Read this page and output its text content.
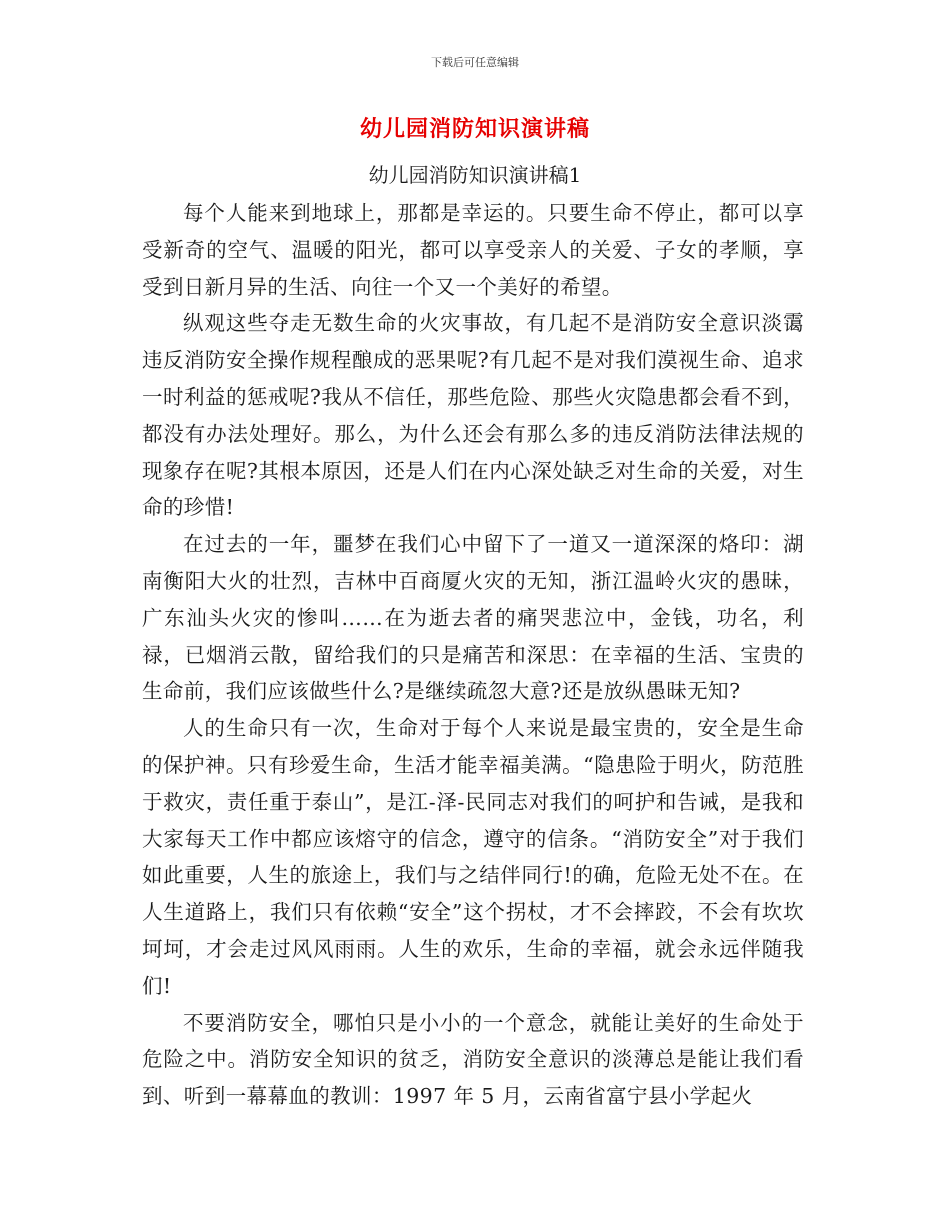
下载后可任意编辑
幼儿园消防知识演讲稿
幼儿园消防知识演讲稿1

每个人能来到地球上，那都是幸运的。只要生命不停止，都可以享受新奇的空气、温暖的阳光，都可以享受亲人的关爱、子女的孝顺，享受到日新月异的生活、向往一个又一个美好的希望。

纵观这些夺走无数生命的火灾事故，有几起不是消防安全意识淡霭违反消防安全操作规程酿成的恶果呢?有几起不是对我们漠视生命、追求一时利益的惩戒呢?我从不信任，那些危险、那些火灾隐患都会看不到，都没有办法处理好。那么，为什么还会有那么多的违反消防法律法规的现象存在呢?其根本原因，还是人们在内心深处缺乏对生命的关爱，对生命的珍惜!

在过去的一年，噩梦在我们心中留下了一道又一道深深的烙印：湖南衡阳大火的壮烈，吉林中百商厦火灾的无知，浙江温岭火灾的愚昧，广东汕头火灾的惨叫……在为逝去者的痛哭悲泣中，金钱，功名，利禄，已烟消云散，留给我们的只是痛苦和深思：在幸福的生活、宝贵的生命前，我们应该做些什么?是继续疏忽大意?还是放纵愚昧无知?

人的生命只有一次，生命对于每个人来说是最宝贵的，安全是生命的保护神。只有珍爱生命，生活才能幸福美满。“隐患险于明火，防范胜于救灾，责任重于泰山”，是江-泽-民同志对我们的呵护和告诫，是我和大家每天工作中都应该熔守的信念，遵守的信条。“消防安全”对于我们如此重要，人生的旅途上，我们与之结伴同行!的确，危险无处不在。在人生道路上，我们只有依赖“安全”这个拐杖，才不会摔跤，不会有坎坎坷坷，才会走过风风雨雨。人生的欢乐，生命的幸福，就会永远伴随我们!

不要消防安全，哪怕只是小小的一个意念，就能让美好的生命处于危险之中。消防安全知识的贫乏，消防安全意识的淡薄总是能让我们看到、听到一幕幕血的教训：1997 年 5 月，云南省富宁县小学起火
